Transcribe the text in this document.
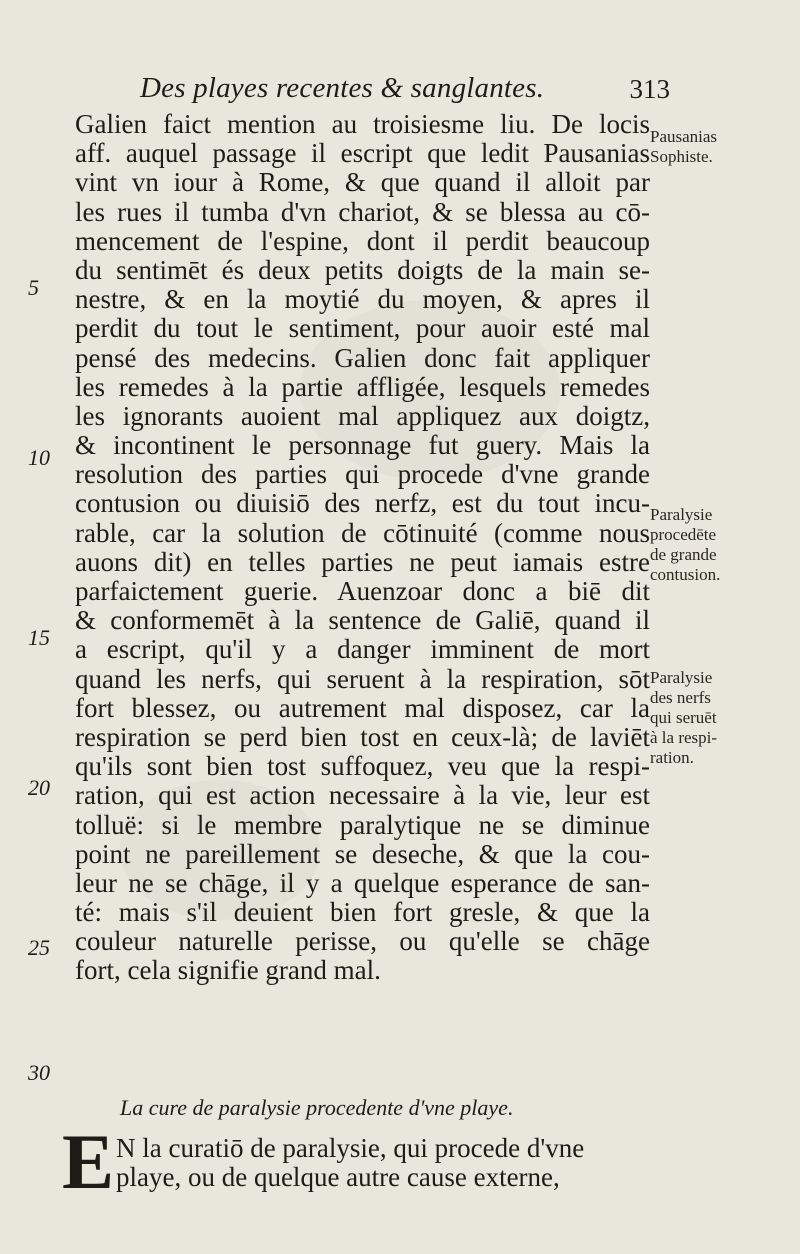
Des playes recentes & sanglantes.	313
Galien faict mention au troisiesme liu. De locis
aff. auquel passage il escript que ledit Pausanias
vint vn iour à Rome, & que quand il alloit par
les rues il tumba d'vn chariot, & se blessa au cō-
mencement de l'espine, dont il perdit beaucoup
du sentimēt és deux petits doigts de la main se-
nestre, & en la moytié du moyen, & apres il
perdit du tout le sentiment, pour auoir esté mal
pensé des medecins. Galien donc fait appliquer
les remedes à la partie affligée, lesquels remedes
les ignorants auoient mal appliquez aux doigtz,
& incontinent le personnage fut guery. Mais la
resolution des parties qui procede d'vne grande
contusion ou diuisiō des nerfz, est du tout incu-
rable, car la solution de cōtinuité (comme nous
auons dit) en telles parties ne peut iamais estre
parfaictement guerie. Auenzoar donc a biē dit
& conformemēt à la sentence de Galiē, quand il
a escript, qu'il y a danger imminent de mort
quand les nerfs, qui seruent à la respiration, sōt
fort blessez, ou autrement mal disposez, car la
respiration se perd bien tost en ceux-là; de laviēt
qu'ils sont bien tost suffoquez, veu que la respi-
ration, qui est action necessaire à la vie, leur est
tolluë: si le membre paralytique ne se diminue
point ne pareillement se deseche, & que la cou-
leur ne se chāge, il y a quelque esperance de san-
té: mais s'il deuient bien fort gresle, & que la
couleur naturelle perisse, ou qu'elle se chāge
fort, cela signifie grand mal.
5
10
15
20
25
30
Pausanias
Sophiste.
Paralysie
procedēte
de grande
contusion.
Paralysie
des nerfs
qui seruēt
à la respi-
ration.
La cure de paralysie procedente d'vne playe.
E N la curatiō de paralysie, qui procede d'vne
playe, ou de quelque autre cause externe,
